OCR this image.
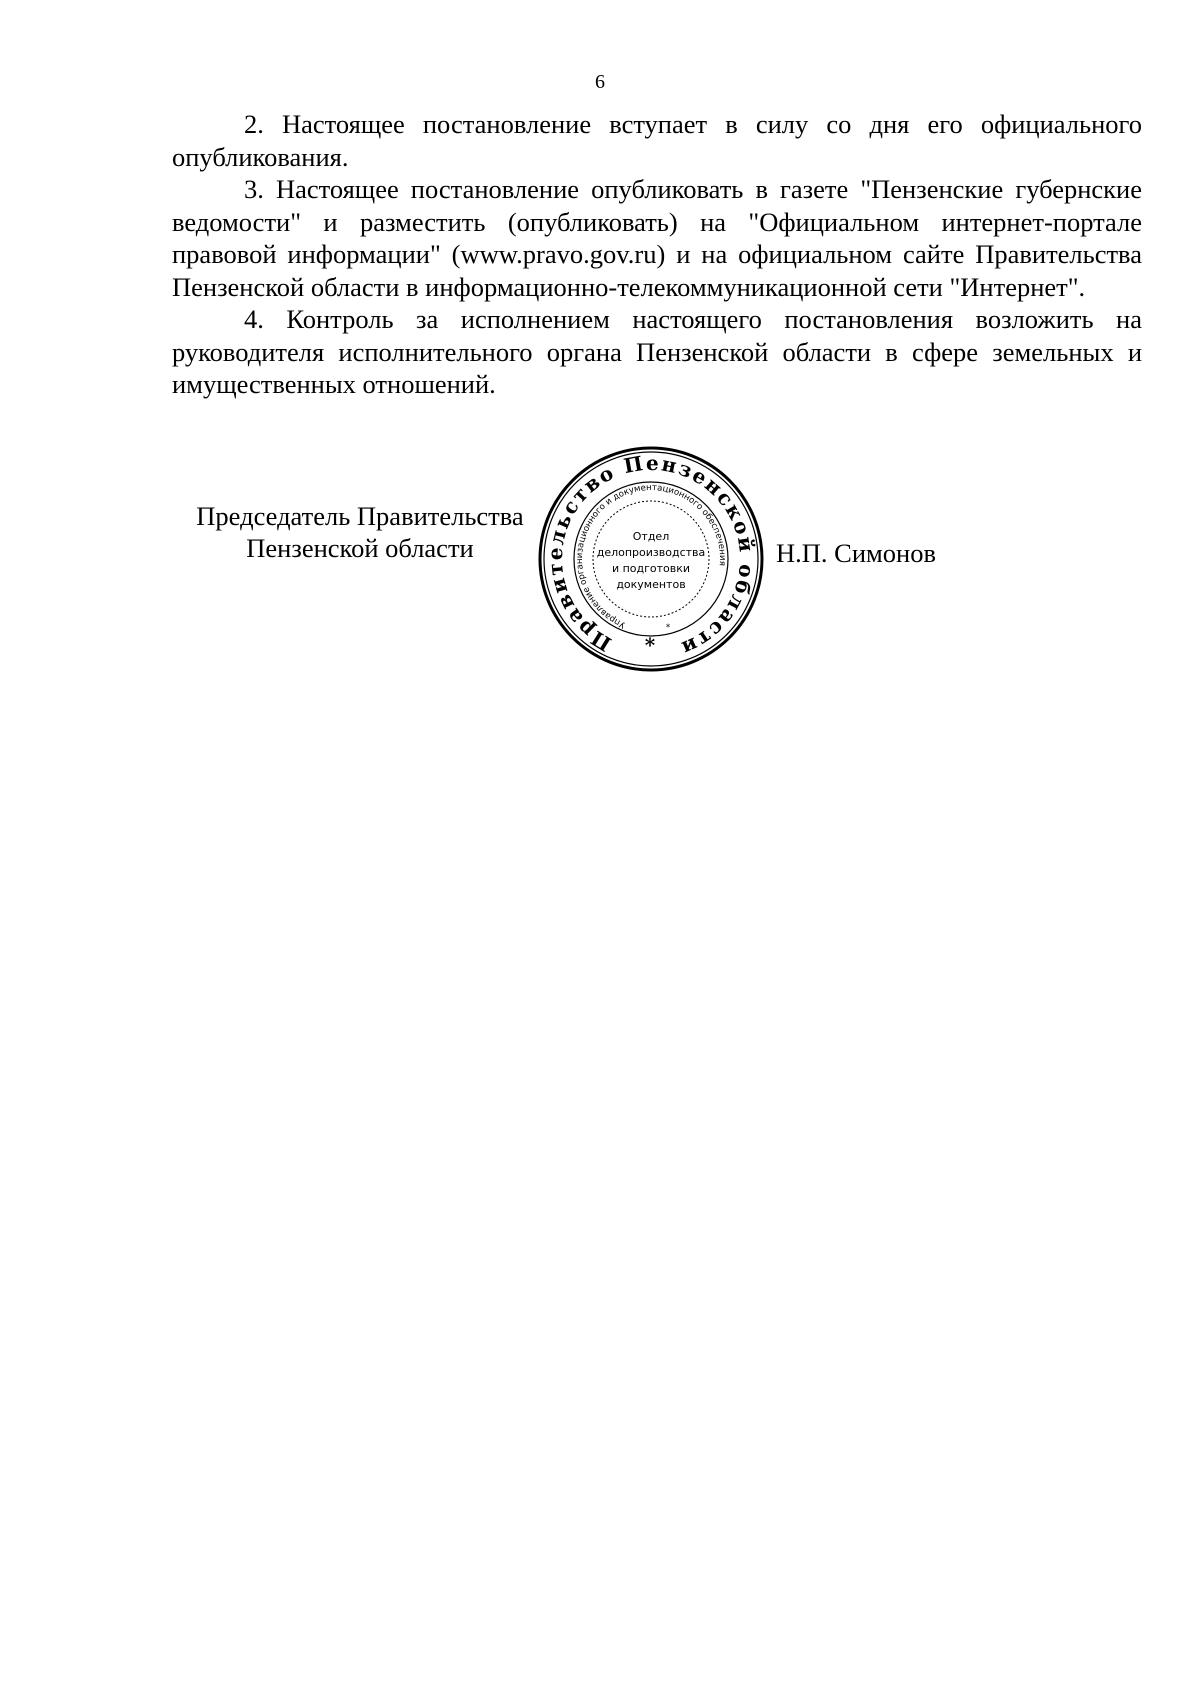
6

2. Настоящее постановление вступает в силу со дня его официального опубликования.

3. Настоящее постановление опубликовать в газете "Пензенские губернские ведомости" и разместить (опубликовать) на "Официальном интернет-портале правовой информации" (www.pravo.gov.ru) и на официальном сайте Правительства Пензенской области в информационно-телекоммуникационной сети "Интернет".

4. Контроль за исполнением настоящего постановления возложить на руководителя исполнительного органа Пензенской области в сфере земельных и имущественных отношений.

Председатель Правительства
Пензенской области
Правительство Пензенской области
*
Управление организационного и документационного обеспечения
*
Отдел
делопроизводства
и подготовки
документов
Н.П. Симонов
